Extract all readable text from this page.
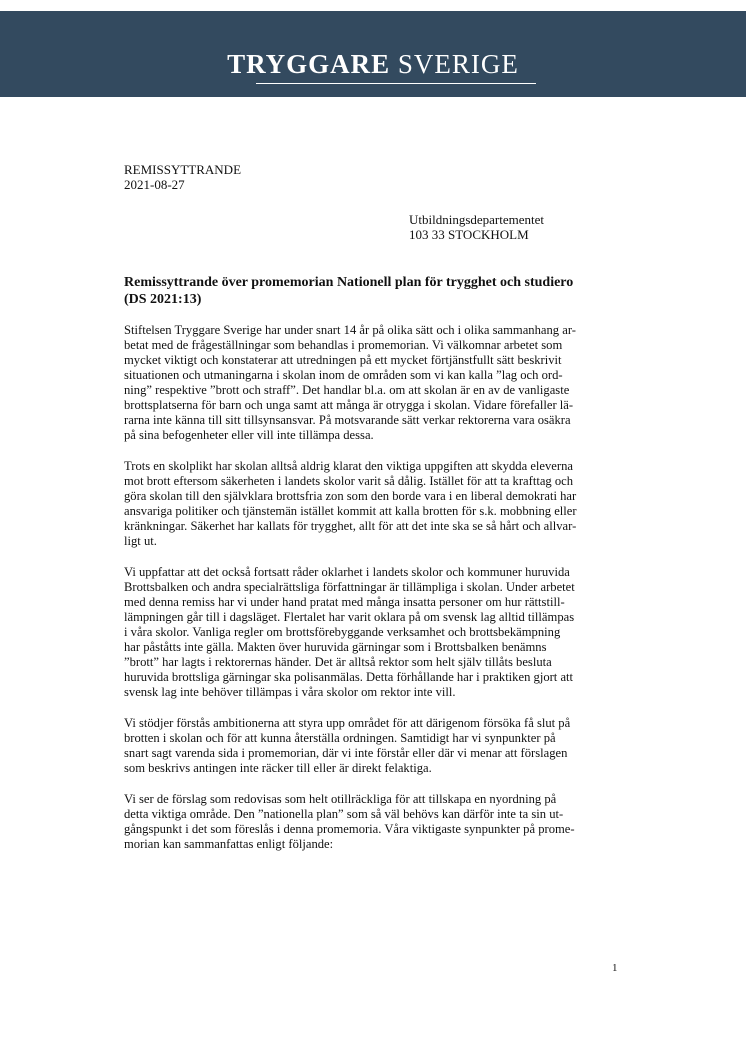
TRYGGARE SVERIGE
REMISSYTTRANDE
2021-08-27
Utbildningsdepartementet
103 33 STOCKHOLM
Remissyttrande över promemorian Nationell plan för trygghet och studiero
(DS 2021:13)
Stiftelsen Tryggare Sverige har under snart 14 år på olika sätt och i olika sammanhang ar-
betat med de frågeställningar som behandlas i promemorian. Vi välkomnar arbetet som
mycket viktigt och konstaterar att utredningen på ett mycket förtjänstfullt sätt beskrivit
situationen och utmaningarna i skolan inom de områden som vi kan kalla ”lag och ord-
ning” respektive ”brott och straff”. Det handlar bl.a. om att skolan är en av de vanligaste
brottsplatserna för barn och unga samt att många är otrygga i skolan. Vidare förefaller lä-
rarna inte känna till sitt tillsynsansvar. På motsvarande sätt verkar rektorerna vara osäkra
på sina befogenheter eller vill inte tillämpa dessa.
Trots en skolplikt har skolan alltså aldrig klarat den viktiga uppgiften att skydda eleverna
mot brott eftersom säkerheten i landets skolor varit så dålig. Istället för att ta krafttag och
göra skolan till den självklara brottsfria zon som den borde vara i en liberal demokrati har
ansvariga politiker och tjänstemän istället kommit att kalla brotten för s.k. mobbning eller
kränkningar. Säkerhet har kallats för trygghet, allt för att det inte ska se så hårt och allvar-
ligt ut.
Vi uppfattar att det också fortsatt råder oklarhet i landets skolor och kommuner huruvida
Brottsbalken och andra specialrättsliga författningar är tillämpliga i skolan. Under arbetet
med denna remiss har vi under hand pratat med många insatta personer om hur rättstill-
lämpningen går till i dagsläget. Flertalet har varit oklara på om svensk lag alltid tillämpas
i våra skolor. Vanliga regler om brottsförebyggande verksamhet och brottsbekämpning
har påståtts inte gälla. Makten över huruvida gärningar som i Brottsbalken benämns
”brott” har lagts i rektorernas händer. Det är alltså rektor som helt själv tillåts besluta
huruvida brottsliga gärningar ska polisanmälas. Detta förhållande har i praktiken gjort att
svensk lag inte behöver tillämpas i våra skolor om rektor inte vill.
Vi stödjer förstås ambitionerna att styra upp området för att därigenom försöka få slut på
brotten i skolan och för att kunna återställa ordningen. Samtidigt har vi synpunkter på
snart sagt varenda sida i promemorian, där vi inte förstår eller där vi menar att förslagen
som beskrivs antingen inte räcker till eller är direkt felaktiga.
Vi ser de förslag som redovisas som helt otillräckliga för att tillskapa en nyordning på
detta viktiga område. Den ”nationella plan” som så väl behövs kan därför inte ta sin ut-
gångspunkt i det som föreslås i denna promemoria. Våra viktigaste synpunkter på prome-
morian kan sammanfattas enligt följande:
1
